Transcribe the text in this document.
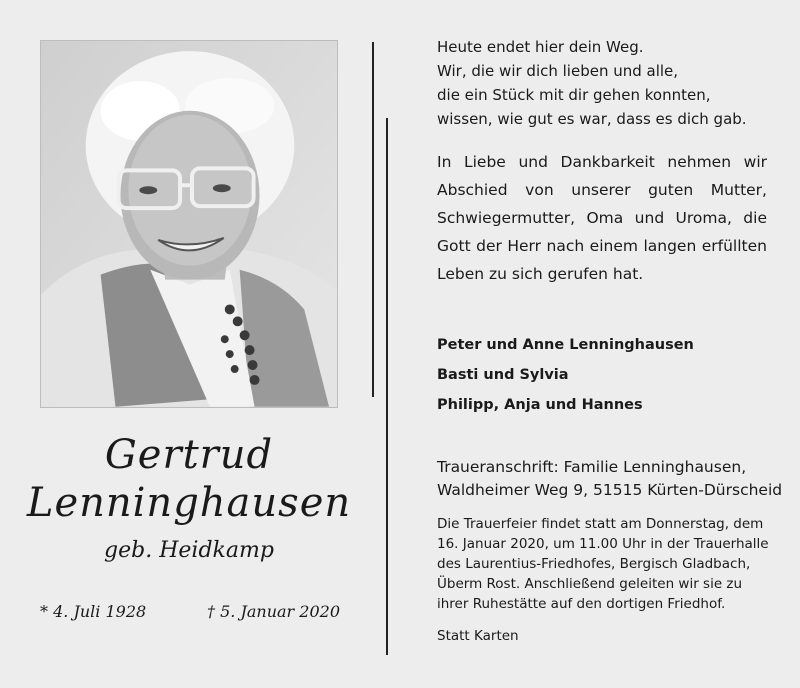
Gertrud
Lenninghausen
geb. Heidkamp
* 4. Juli 1928	† 5. Januar 2020
Heute endet hier dein Weg.
Wir, die wir dich lieben und alle,
die ein Stück mit dir gehen konnten,
wissen, wie gut es war, dass es dich gab.
In Liebe und Dankbarkeit nehmen wir Abschied von unserer guten Mutter, Schwiegermutter, Oma und Uroma, die Gott der Herr nach einem langen erfüllten Leben zu sich gerufen hat.
Peter und Anne Lenninghausen
Basti und Sylvia
Philipp, Anja und Hannes
Traueranschrift: Familie Lenninghausen,
Waldheimer Weg 9, 51515 Kürten-Dürscheid
Die Trauerfeier findet statt am Donnerstag, dem
16. Januar 2020, um 11.00 Uhr in der Trauerhalle
des Laurentius-Friedhofes, Bergisch Gladbach,
Überm Rost. Anschließend geleiten wir sie zu
ihrer Ruhestätte auf den dortigen Friedhof.
Statt Karten
